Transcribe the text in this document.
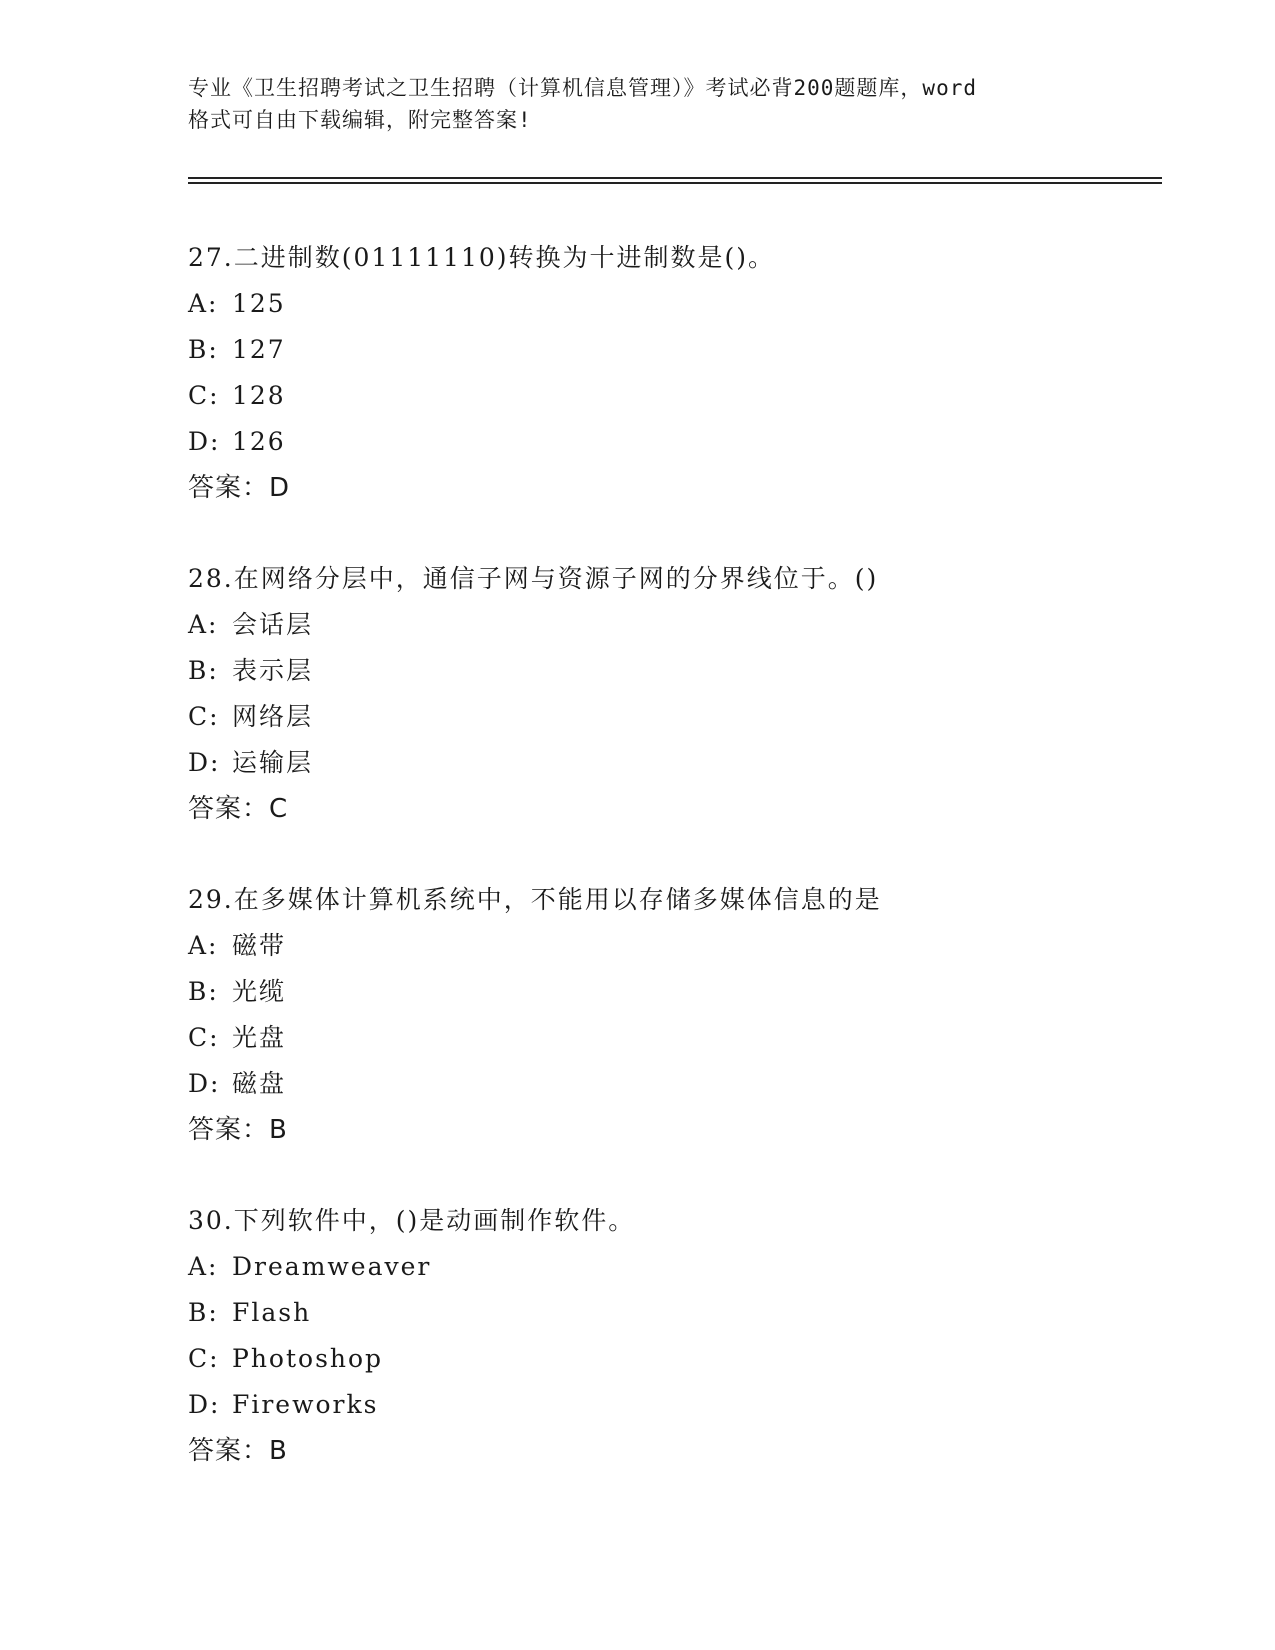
专业《卫生招聘考试之卫生招聘（计算机信息管理）》考试必背200题题库，word
格式可自由下载编辑，附完整答案!
27.二进制数(01111110)转换为十进制数是()。
A: 125
B: 127
C: 128
D: 126
答案：D
28.在网络分层中，通信子网与资源子网的分界线位于。()
A: 会话层
B: 表示层
C: 网络层
D: 运输层
答案：C
29.在多媒体计算机系统中，不能用以存储多媒体信息的是
A: 磁带
B: 光缆
C: 光盘
D: 磁盘
答案：B
30.下列软件中，()是动画制作软件。
A: Dreamweaver
B: Flash
C: Photoshop
D: Fireworks
答案：B
